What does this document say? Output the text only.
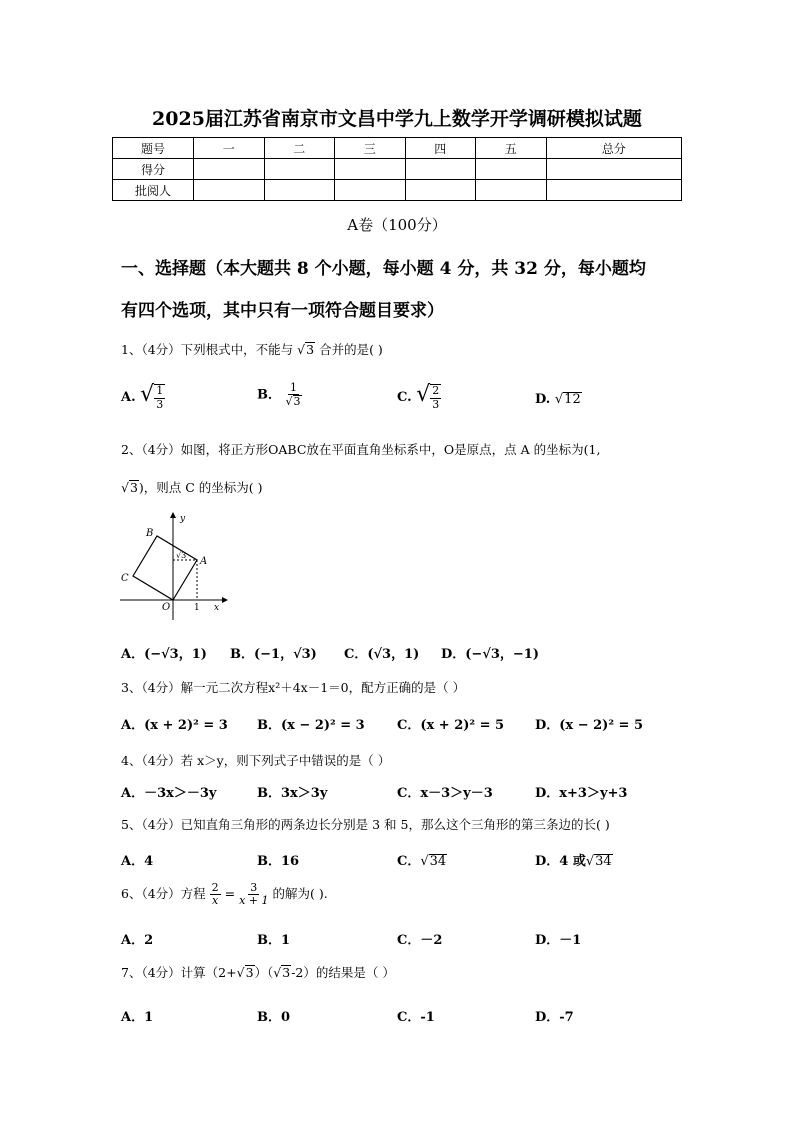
2025届江苏省南京市文昌中学九上数学开学调研模拟试题
题号	一	二	三	四	五	总分
得分						
批阅人						
A卷（100分）
一、选择题（本大题共 8 个小题，每小题 4 分，共 32 分，每小题均
有四个选项，其中只有一项符合题目要求）
1、（4分）下列根式中，不能与 √3 合并的是( )
A. √ $\frac{1}{3}$	B． $\frac{1}{√3}$	C. √ $\frac{2}{3}$	D. √12
2、（4分）如图，将正方形OABC放在平面直角坐标系中，O是原点，点 A 的坐标为(1,
√3)，则点 C 的坐标为( )
B
A
C
O	1 x
y
√3
A．(−√3，1) B．(−1，√3) C．(√3，1) D．(−√3，−1)
3、（4分）解一元二次方程x²＋4x－1＝0，配方正确的是（ ）
A．(x + 2)² = 3 B．(x − 2)² = 3 C．(x + 2)² = 5 D．(x − 2)² = 5
4、（4分）若 x＞y，则下列式子中错误的是（ ）
A．－3x＞－3y	B．3x＞3y	C．x－3＞y－3	D．x+3＞y+3
5、（4分）已知直角三角形的两条边长分别是 3 和 5，那么这个三角形的第三条边的长( )
A．4	B．16	C．√34	D．4 或√34
6、（4分）方程 $\frac{2}{x} = \frac{3}{x + 1}$ 的解为( ).
A．2	B．1	C．－2	D．－1
7、（4分）计算（2+√3）（√3-2）的结果是（ ）
A．1	B．0	C．-1	D．-7
